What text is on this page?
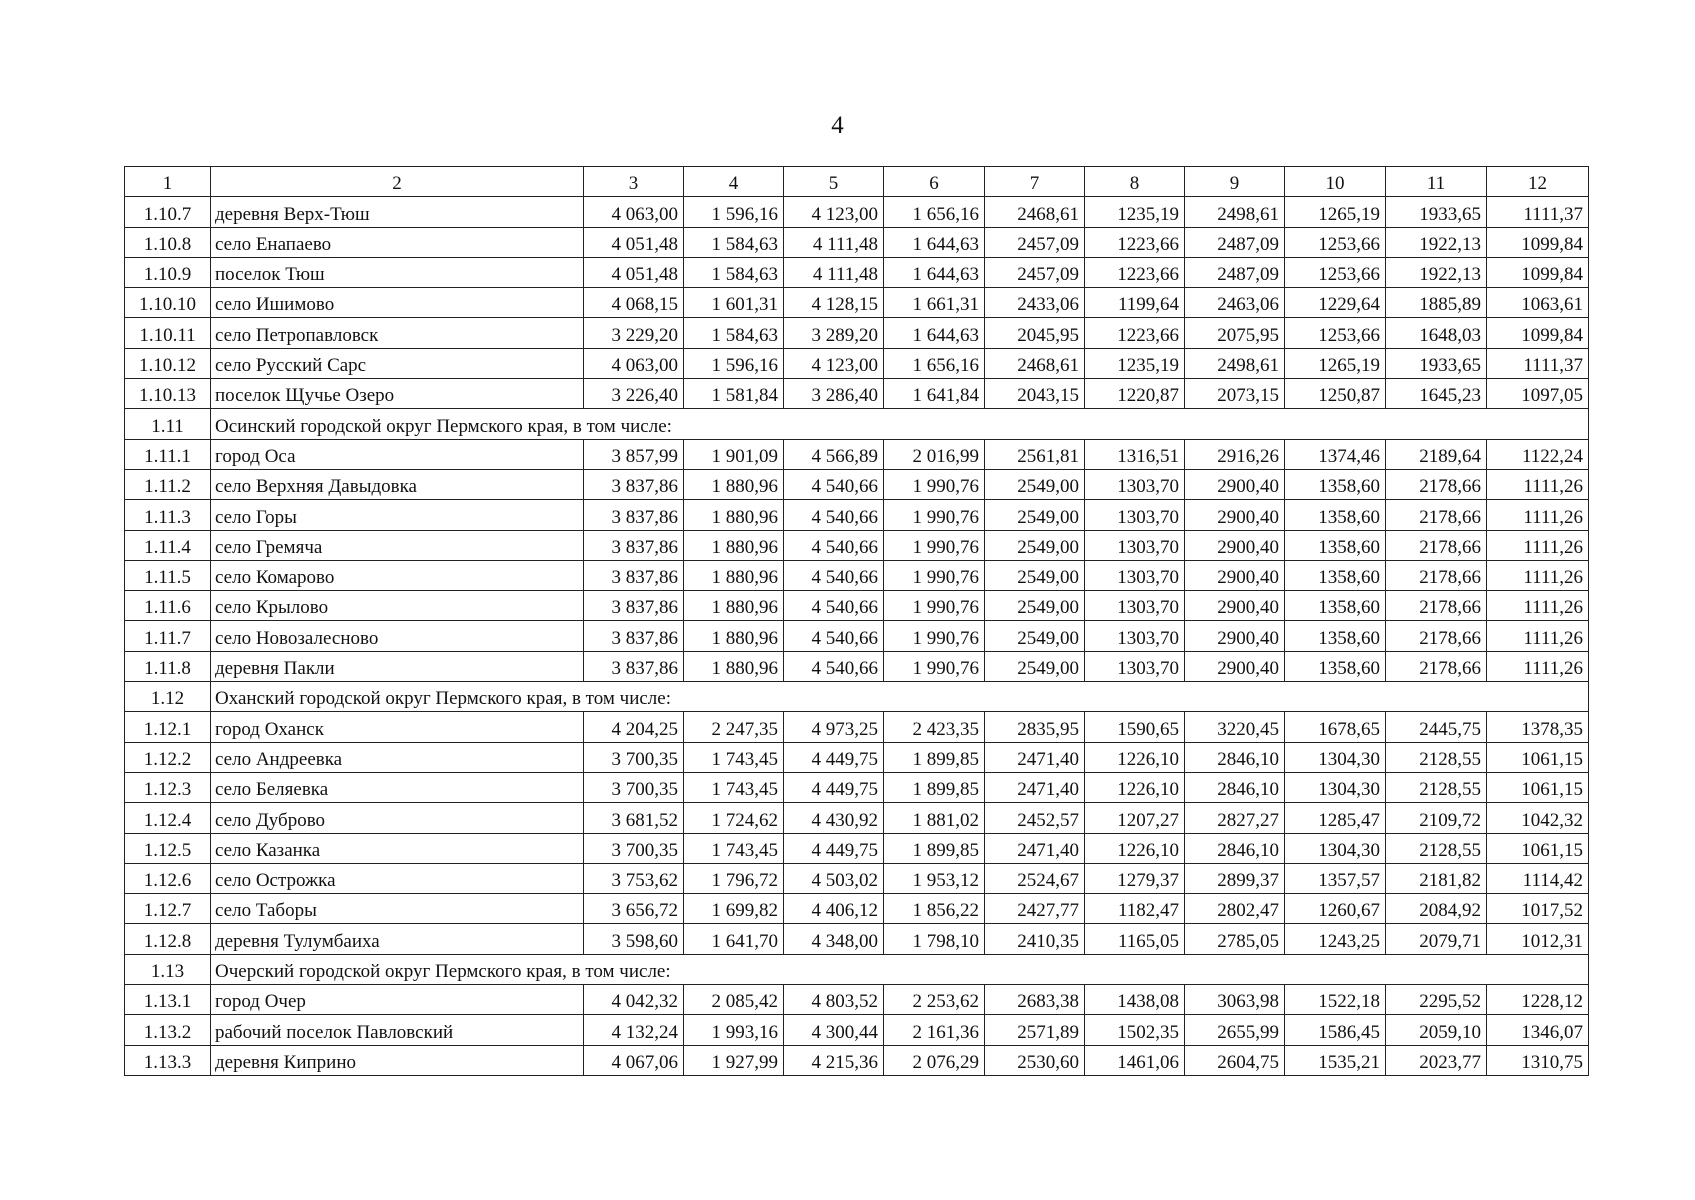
4
1	2	3	4	5	6	7	8	9	10	11	12
1.10.7	деревня Верх-Тюш	4 063,00	1 596,16	4 123,00	1 656,16	2468,61	1235,19	2498,61	1265,19	1933,65	1111,37
1.10.8	село Енапаево	4 051,48	1 584,63	4 111,48	1 644,63	2457,09	1223,66	2487,09	1253,66	1922,13	1099,84
1.10.9	поселок Тюш	4 051,48	1 584,63	4 111,48	1 644,63	2457,09	1223,66	2487,09	1253,66	1922,13	1099,84
1.10.10	село Ишимово	4 068,15	1 601,31	4 128,15	1 661,31	2433,06	1199,64	2463,06	1229,64	1885,89	1063,61
1.10.11	село Петропавловск	3 229,20	1 584,63	3 289,20	1 644,63	2045,95	1223,66	2075,95	1253,66	1648,03	1099,84
1.10.12	село Русский Сарс	4 063,00	1 596,16	4 123,00	1 656,16	2468,61	1235,19	2498,61	1265,19	1933,65	1111,37
1.10.13	поселок Щучье Озеро	3 226,40	1 581,84	3 286,40	1 641,84	2043,15	1220,87	2073,15	1250,87	1645,23	1097,05
1.11	Осинский городской округ Пермского края, в том числе:										
1.11.1	город Оса	3 857,99	1 901,09	4 566,89	2 016,99	2561,81	1316,51	2916,26	1374,46	2189,64	1122,24
1.11.2	село Верхняя Давыдовка	3 837,86	1 880,96	4 540,66	1 990,76	2549,00	1303,70	2900,40	1358,60	2178,66	1111,26
1.11.3	село Горы	3 837,86	1 880,96	4 540,66	1 990,76	2549,00	1303,70	2900,40	1358,60	2178,66	1111,26
1.11.4	село Гремяча	3 837,86	1 880,96	4 540,66	1 990,76	2549,00	1303,70	2900,40	1358,60	2178,66	1111,26
1.11.5	село Комарово	3 837,86	1 880,96	4 540,66	1 990,76	2549,00	1303,70	2900,40	1358,60	2178,66	1111,26
1.11.6	село Крылово	3 837,86	1 880,96	4 540,66	1 990,76	2549,00	1303,70	2900,40	1358,60	2178,66	1111,26
1.11.7	село Новозалесново	3 837,86	1 880,96	4 540,66	1 990,76	2549,00	1303,70	2900,40	1358,60	2178,66	1111,26
1.11.8	деревня Пакли	3 837,86	1 880,96	4 540,66	1 990,76	2549,00	1303,70	2900,40	1358,60	2178,66	1111,26
1.12	Оханский городской округ Пермского края, в том числе:										
1.12.1	город Оханск	4 204,25	2 247,35	4 973,25	2 423,35	2835,95	1590,65	3220,45	1678,65	2445,75	1378,35
1.12.2	село Андреевка	3 700,35	1 743,45	4 449,75	1 899,85	2471,40	1226,10	2846,10	1304,30	2128,55	1061,15
1.12.3	село Беляевка	3 700,35	1 743,45	4 449,75	1 899,85	2471,40	1226,10	2846,10	1304,30	2128,55	1061,15
1.12.4	село Дуброво	3 681,52	1 724,62	4 430,92	1 881,02	2452,57	1207,27	2827,27	1285,47	2109,72	1042,32
1.12.5	село Казанка	3 700,35	1 743,45	4 449,75	1 899,85	2471,40	1226,10	2846,10	1304,30	2128,55	1061,15
1.12.6	село Острожка	3 753,62	1 796,72	4 503,02	1 953,12	2524,67	1279,37	2899,37	1357,57	2181,82	1114,42
1.12.7	село Таборы	3 656,72	1 699,82	4 406,12	1 856,22	2427,77	1182,47	2802,47	1260,67	2084,92	1017,52
1.12.8	деревня Тулумбаиха	3 598,60	1 641,70	4 348,00	1 798,10	2410,35	1165,05	2785,05	1243,25	2079,71	1012,31
1.13	Очерский городской округ Пермского края, в том числе:										
1.13.1	город Очер	4 042,32	2 085,42	4 803,52	2 253,62	2683,38	1438,08	3063,98	1522,18	2295,52	1228,12
1.13.2	рабочий поселок Павловский	4 132,24	1 993,16	4 300,44	2 161,36	2571,89	1502,35	2655,99	1586,45	2059,10	1346,07
1.13.3	деревня Киприно	4 067,06	1 927,99	4 215,36	2 076,29	2530,60	1461,06	2604,75	1535,21	2023,77	1310,75
